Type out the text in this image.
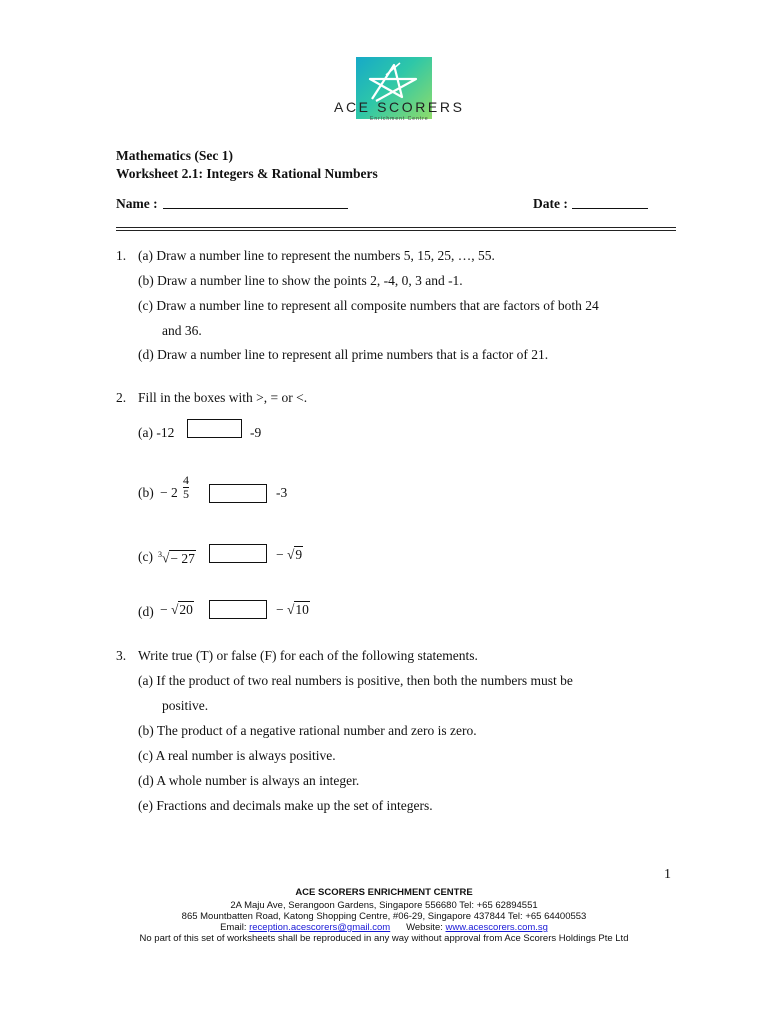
ACE SCORERS
Enrichment Centre
Mathematics (Sec 1)
Worksheet 2.1: Integers & Rational Numbers
Name :	Date :
1. (a) Draw a number line to represent the numbers 5, 15, 25, …, 55.
(b) Draw a number line to show the points 2, -4, 0, 3 and -1.
(c) Draw a number line to represent all composite numbers that are factors of both 24
and 36.
(d) Draw a number line to represent all prime numbers that is a factor of 21.
2. Fill in the boxes with >, = or <.
(a) -12	-9
$(b) - 2 \frac{4}{5}$	-3
(c) $^3$√− 27	− √9
(d) − √20	− √10
3. Write true (T) or false (F) for each of the following statements.
(a) If the product of two real numbers is positive, then both the numbers must be
positive.
(b) The product of a negative rational number and zero is zero.
(c) A real number is always positive.
(d) A whole number is always an integer.
(e) Fractions and decimals make up the set of integers.
ACE SCORERS ENRICHMENT CENTRE
1
2A Maju Ave, Serangoon Gardens, Singapore 556680 Tel: +65 62894551
865 Mountbatten Road, Katong Shopping Centre, #06-29, Singapore 437844 Tel: +65 64400553
Email: reception.acescorers@gmail.com Website: www.acescorers.com.sg
No part of this set of worksheets shall be reproduced in any way without approval from Ace Scorers Holdings Pte Ltd
